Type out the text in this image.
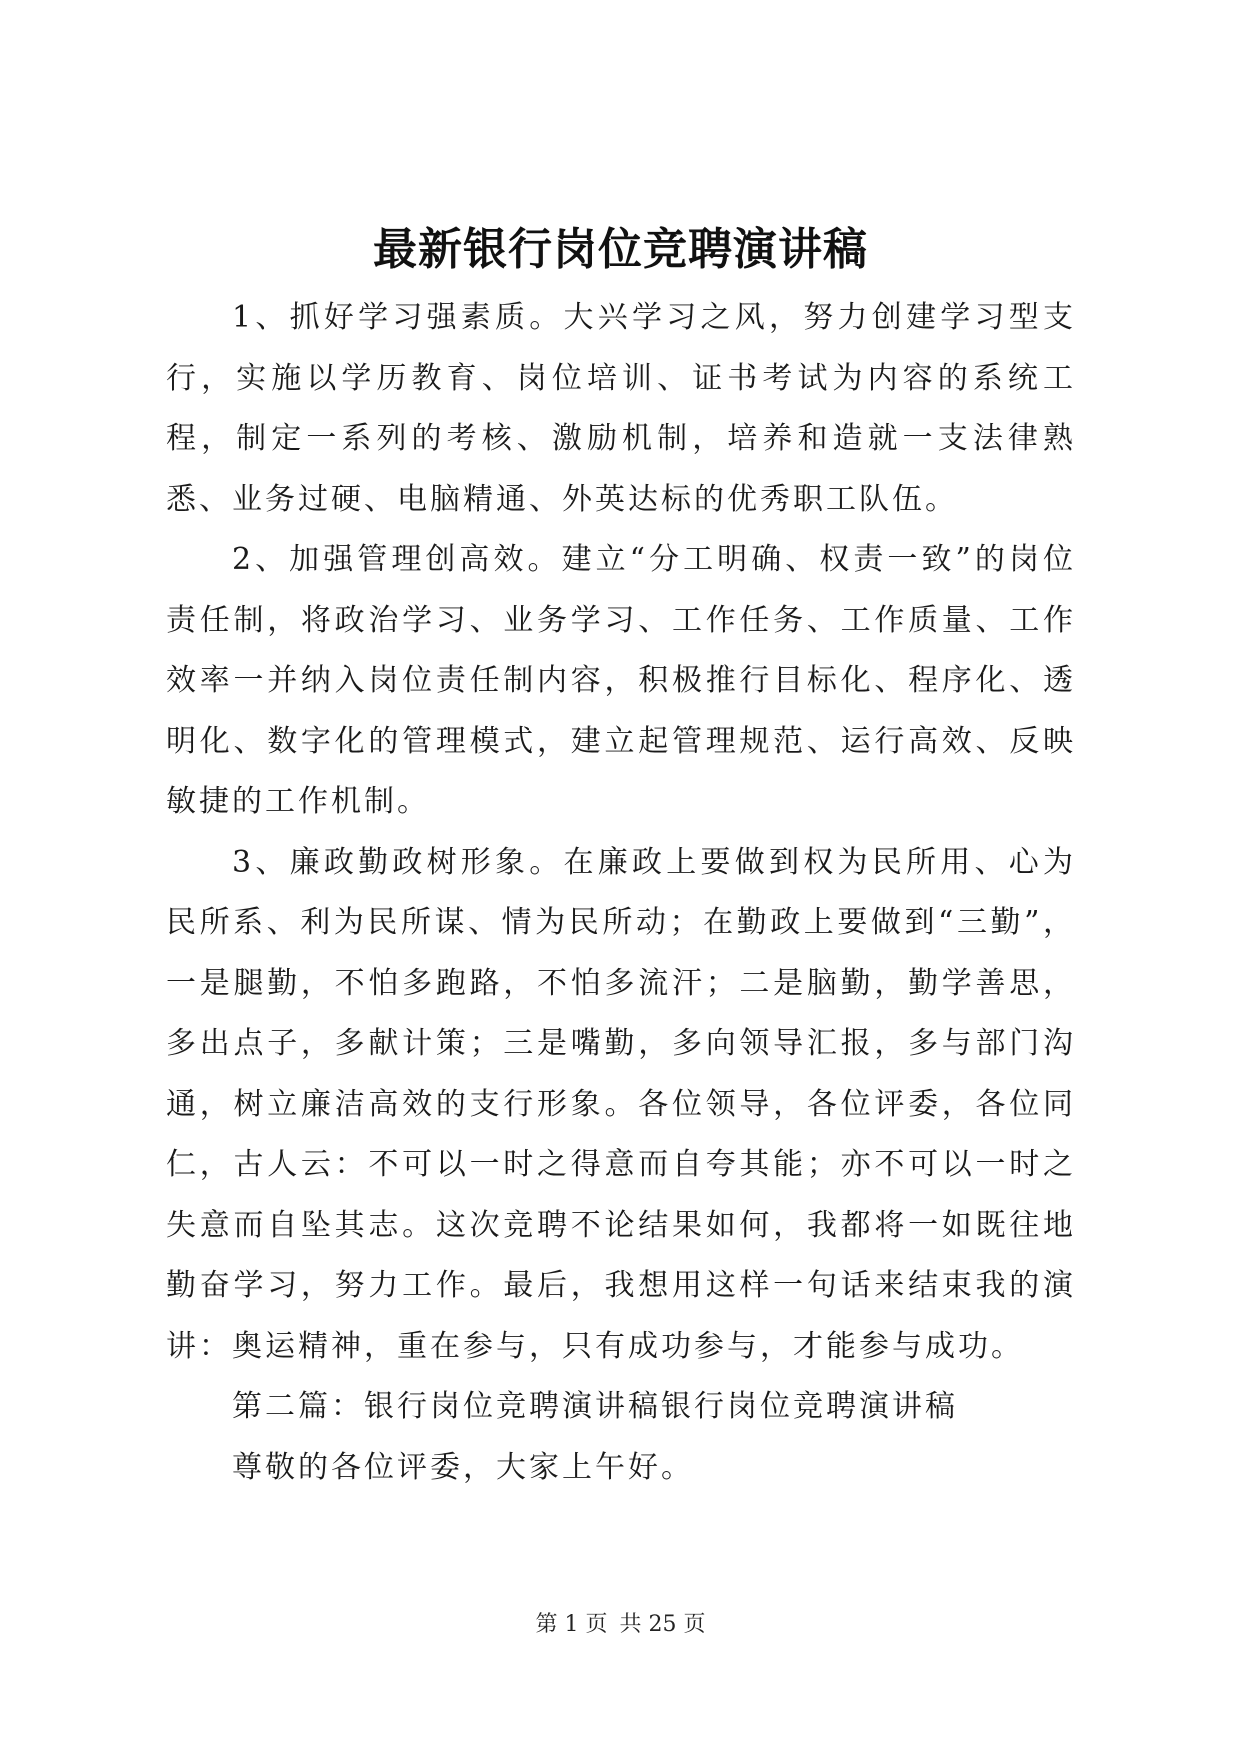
最新银行岗位竞聘演讲稿

1、抓好学习强素质。大兴学习之风，努力创建学习型支行，实施以学历教育、岗位培训、证书考试为内容的系统工程，制定一系列的考核、激励机制，培养和造就一支法律熟悉、业务过硬、电脑精通、外英达标的优秀职工队伍。

2、加强管理创高效。建立“分工明确、权责一致”的岗位责任制，将政治学习、业务学习、工作任务、工作质量、工作效率一并纳入岗位责任制内容，积极推行目标化、程序化、透明化、数字化的管理模式，建立起管理规范、运行高效、反映敏捷的工作机制。

3、廉政勤政树形象。在廉政上要做到权为民所用、心为民所系、利为民所谋、情为民所动；在勤政上要做到“三勤”，一是腿勤，不怕多跑路，不怕多流汗；二是脑勤，勤学善思，多出点子，多献计策；三是嘴勤，多向领导汇报，多与部门沟通，树立廉洁高效的支行形象。各位领导，各位评委，各位同仁，古人云：不可以一时之得意而自夸其能；亦不可以一时之失意而自坠其志。这次竞聘不论结果如何，我都将一如既往地勤奋学习，努力工作。最后，我想用这样一句话来结束我的演讲：奥运精神，重在参与，只有成功参与，才能参与成功。

第二篇：银行岗位竞聘演讲稿银行岗位竞聘演讲稿

尊敬的各位评委，大家上午好。

第 1 页 共 25 页
